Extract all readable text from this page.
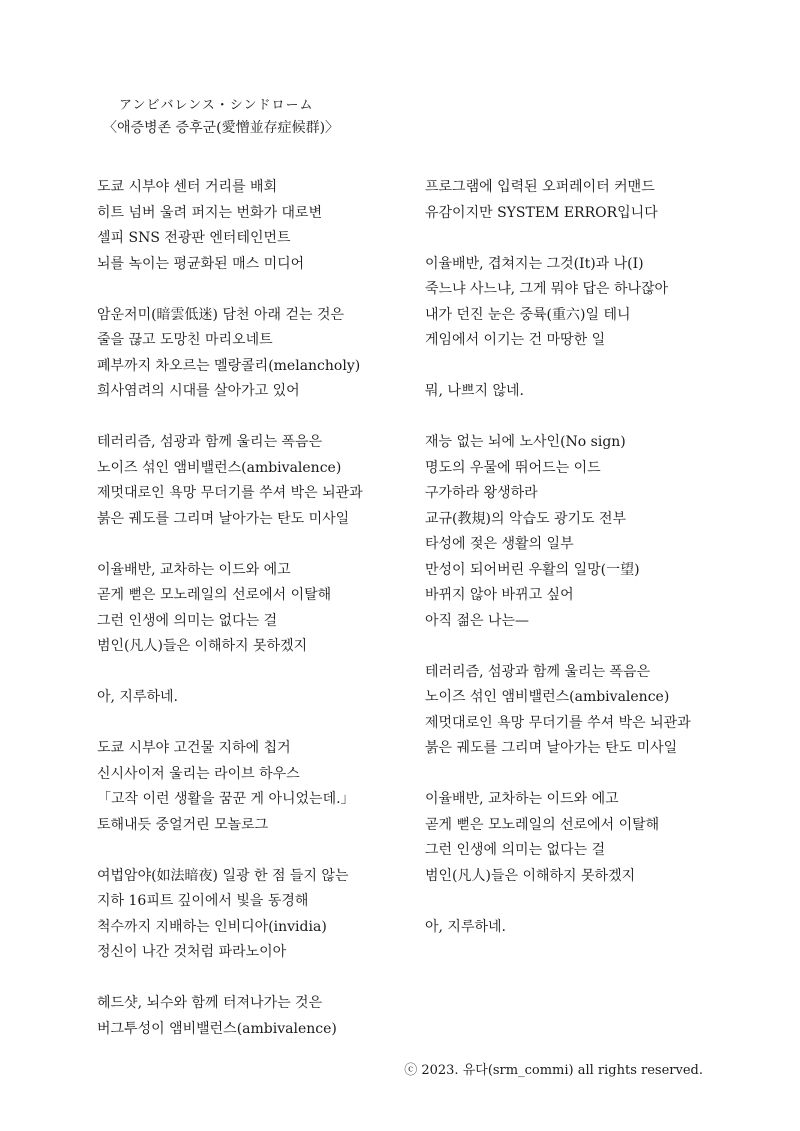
アンビバレンス・シンドローム
〈애증병존 증후군(愛憎並存症候群)〉
도쿄 시부야 센터 거리를 배회
히트 넘버 울려 퍼지는 번화가 대로변
셀피 SNS 전광판 엔터테인먼트
뇌를 녹이는 평균화된 매스 미디어
암운저미(暗雲低迷) 담천 아래 걷는 것은
줄을 끊고 도망친 마리오네트
폐부까지 차오르는 멜랑콜리(melancholy)
희사염려의 시대를 살아가고 있어
테러리즘, 섬광과 함께 울리는 폭음은
노이즈 섞인 앰비밸런스(ambivalence)
제멋대로인 욕망 무더기를 쑤셔 박은 뇌관과
붉은 궤도를 그리며 날아가는 탄도 미사일
이율배반, 교차하는 이드와 에고
곧게 뻗은 모노레일의 선로에서 이탈해
그런 인생에 의미는 없다는 걸
범인(凡人)들은 이해하지 못하겠지
아, 지루하네.
도쿄 시부야 고건물 지하에 칩거
신시사이저 울리는 라이브 하우스
「고작 이런 생활을 꿈꾼 게 아니었는데.」
토해내듯 중얼거린 모놀로그
여법암야(如法暗夜) 일광 한 점 들지 않는
지하 16피트 깊이에서 빛을 동경해
척수까지 지배하는 인비디아(invidia)
정신이 나간 것처럼 파라노이아
헤드샷, 뇌수와 함께 터져나가는 것은
버그투성이 앰비밸런스(ambivalence)
프로그램에 입력된 오퍼레이터 커맨드
유감이지만 SYSTEM ERROR입니다
이율배반, 겹쳐지는 그것(It)과 나(I)
죽느냐 사느냐, 그게 뭐야 답은 하나잖아
내가 던진 눈은 중륙(重六)일 테니
게임에서 이기는 건 마땅한 일
뭐, 나쁘지 않네.
재능 없는 뇌에 노사인(No sign)
명도의 우물에 뛰어드는 이드
구가하라 왕생하라
교규(教規)의 악습도 광기도 전부
타성에 젖은 생활의 일부
만성이 되어버린 우활의 일망(一望)
바뀌지 않아 바뀌고 싶어
아직 젊은 나는—
테러리즘, 섬광과 함께 울리는 폭음은
노이즈 섞인 앰비밸런스(ambivalence)
제멋대로인 욕망 무더기를 쑤셔 박은 뇌관과
붉은 궤도를 그리며 날아가는 탄도 미사일
이율배반, 교차하는 이드와 에고
곧게 뻗은 모노레일의 선로에서 이탈해
그런 인생에 의미는 없다는 걸
범인(凡人)들은 이해하지 못하겠지
아, 지루하네.
ⓒ 2023. 유다(srm_commi) all rights reserved.
